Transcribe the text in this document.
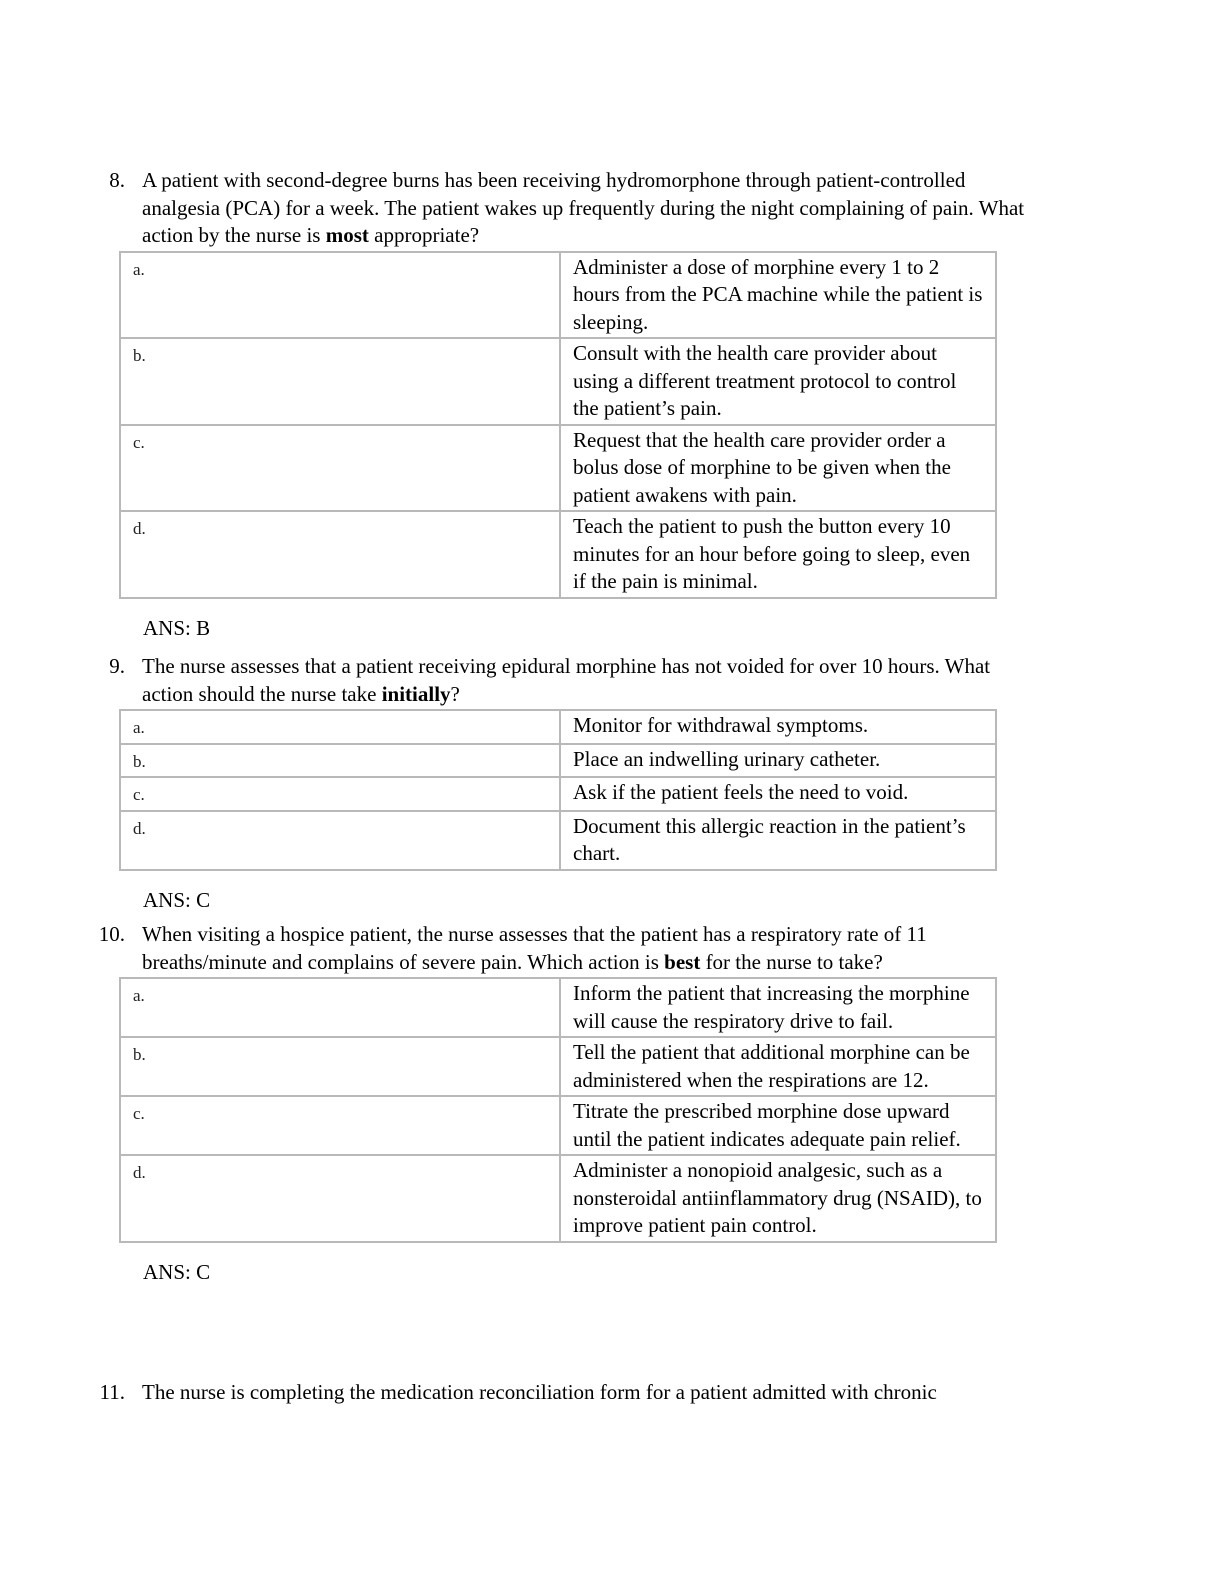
8. A patient with second-degree burns has been receiving hydromorphone through patient-controlled analgesia (PCA) for a week. The patient wakes up frequently during the night complaining of pain. What action by the nurse is most appropriate?
a.	Administer a dose of morphine every 1 to 2 hours from the PCA machine while the patient is sleeping.
b.	Consult with the health care provider about using a different treatment protocol to control the patient’s pain.
c.	Request that the health care provider order a bolus dose of morphine to be given when the patient awakens with pain.
d.	Teach the patient to push the button every 10 minutes for an hour before going to sleep, even if the pain is minimal.
ANS: B
9. The nurse assesses that a patient receiving epidural morphine has not voided for over 10 hours. What action should the nurse take initially?
a.	Monitor for withdrawal symptoms.
b.	Place an indwelling urinary catheter.
c.	Ask if the patient feels the need to void.
d.	Document this allergic reaction in the patient’s chart.
ANS: C
10. When visiting a hospice patient, the nurse assesses that the patient has a respiratory rate of 11 breaths/minute and complains of severe pain. Which action is best for the nurse to take?
a.	Inform the patient that increasing the morphine will cause the respiratory drive to fail.
b.	Tell the patient that additional morphine can be administered when the respirations are 12.
c.	Titrate the prescribed morphine dose upward until the patient indicates adequate pain relief.
d.	Administer a nonopioid analgesic, such as a nonsteroidal antiinflammatory drug (NSAID), to improve patient pain control.
ANS: C
11. The nurse is completing the medication reconciliation form for a patient admitted with chronic
